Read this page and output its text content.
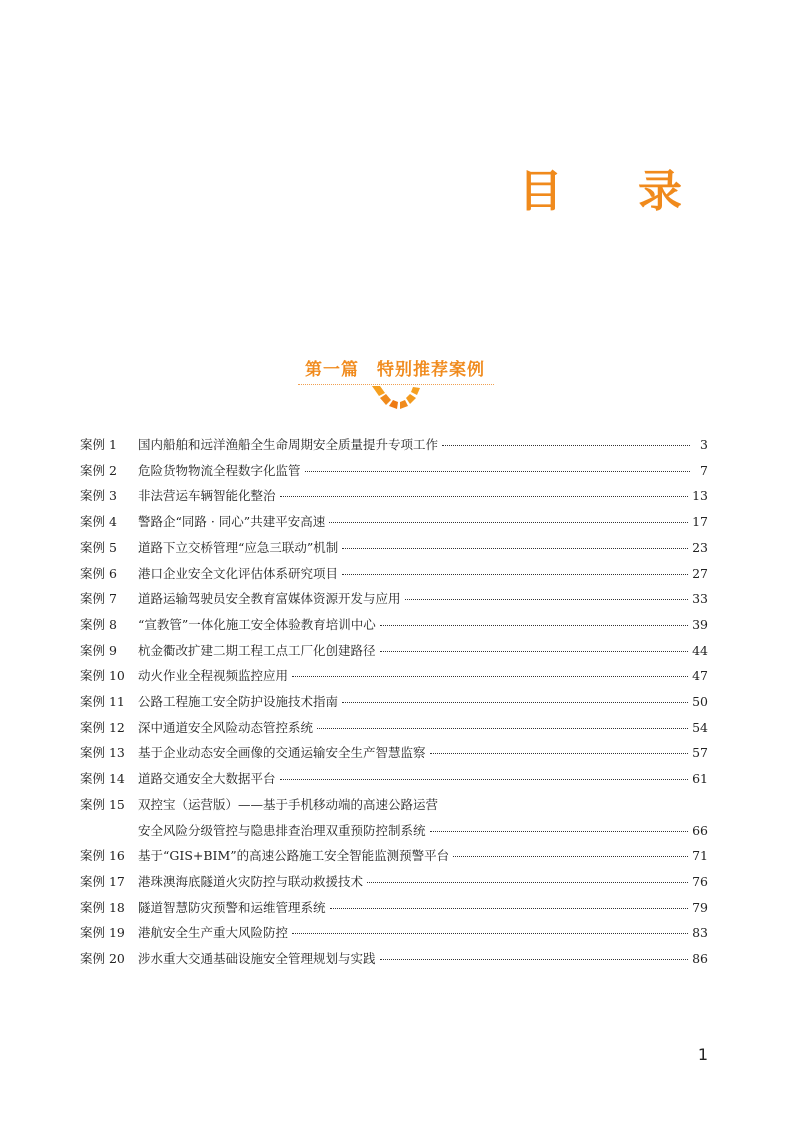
目 录
第一篇　特别推荐案例
案例 1	国内船舶和远洋渔船全生命周期安全质量提升专项工作	3
案例 2	危险货物物流全程数字化监管	7
案例 3	非法营运车辆智能化整治	13
案例 4	警路企“同路 · 同心”共建平安高速	17
案例 5	道路下立交桥管理“应急三联动”机制	23
案例 6	港口企业安全文化评估体系研究项目	27
案例 7	道路运输驾驶员安全教育富媒体资源开发与应用	33
案例 8	“宣教管”一体化施工安全体验教育培训中心	39
案例 9	杭金衢改扩建二期工程工点工厂化创建路径	44
案例 10	动火作业全程视频监控应用	47
案例 11	公路工程施工安全防护设施技术指南	50
案例 12	深中通道安全风险动态管控系统	54
案例 13	基于企业动态安全画像的交通运输安全生产智慧监察	57
案例 14	道路交通安全大数据平台	61
案例 15	双控宝（运营版）——基于手机移动端的高速公路运营
安全风险分级管控与隐患排查治理双重预防控制系统	66
案例 16	基于“GIS+BIM”的高速公路施工安全智能监测预警平台	71
案例 17	港珠澳海底隧道火灾防控与联动救援技术	76
案例 18	隧道智慧防灾预警和运维管理系统	79
案例 19	港航安全生产重大风险防控	83
案例 20	涉水重大交通基础设施安全管理规划与实践	86
1
